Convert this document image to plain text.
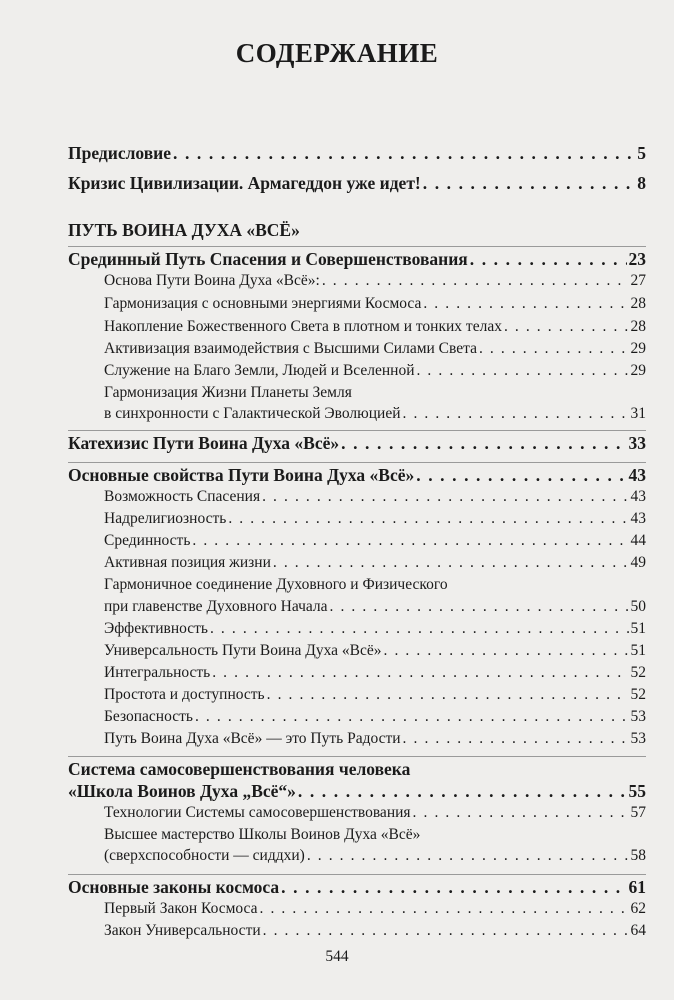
СОДЕРЖАНИЕ
Предисловие . . .	5
Кризис Цивилизации. Армагеддон уже идет! . . .	8
ПУТЬ ВОИНА ДУХА «ВСЁ»
Срединный Путь Спасения и Совершенствования . . .	23
Основа Пути Воина Духа «Всё»: . . .	27
Гармонизация с основными энергиями Космоса . . .	28
Накопление Божественного Света в плотном и тонких телах . . .	28
Активизация взаимодействия с Высшими Силами Света . . .	29
Служение на Благо Земли, Людей и Вселенной . . .	29
Гармонизация Жизни Планеты Земля
в синхронности с Галактической Эволюцией . . .	31
Катехизис Пути Воина Духа «Всё» . . .	33
Основные свойства Пути Воина Духа «Всё» . . .	43
Возможность Спасения . . .	43
Надрелигиозность . . .	43
Срединность . . .	44
Активная позиция жизни . . .	49
Гармоничное соединение Духовного и Физического
при главенстве Духовного Начала . . .	50
Эффективность . . .	51
Универсальность Пути Воина Духа «Всё» . . .	51
Интегральность . . .	52
Простота и доступность . . .	52
Безопасность . . .	53
Путь Воина Духа «Всё» — это Путь Радости . . .	53
Система самосовершенствования человека
«Школа Воинов Духа „Всё“» . . .	55
Технологии Системы самосовершенствования . . .	57
Высшее мастерство Школы Воинов Духа «Всё»
(сверхспособности — сиддхи) . . .	58
Основные законы космоса . . .	61
Первый Закон Космоса . . .	62
Закон Универсальности . . .	64
544
